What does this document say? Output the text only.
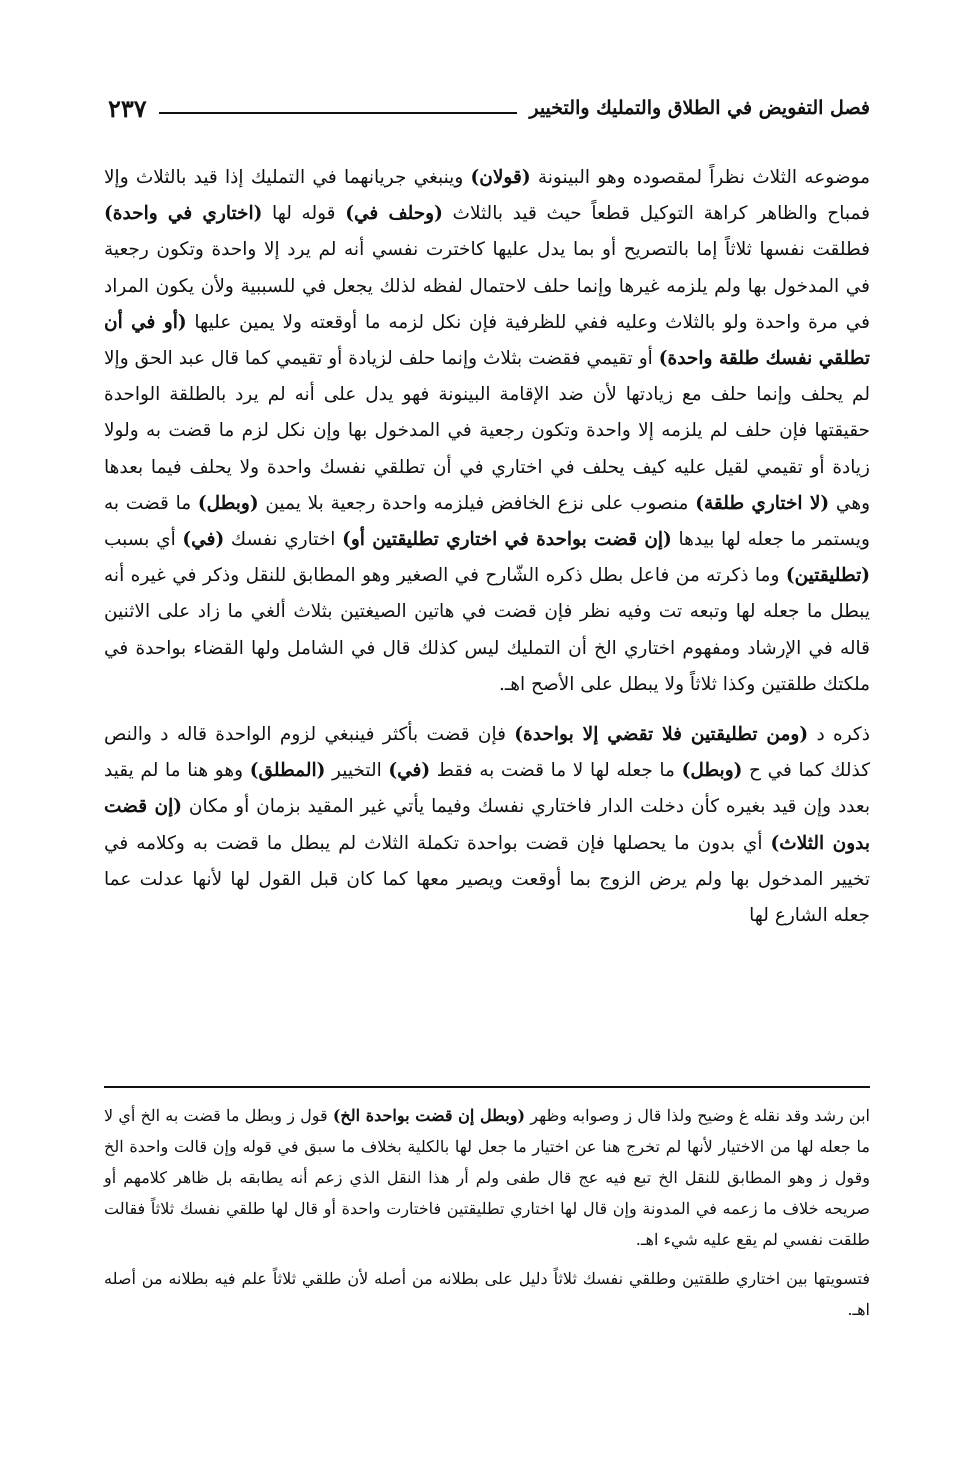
فصل التفويض في الطلاق والتمليك والتخيير
٢٣٧

موضوعه الثلاث نظراً لمقصوده وهو البينونة (قولان) وينبغي جريانهما في التمليك إذا قيد بالثلاث وإلا فمباح والظاهر كراهة التوكيل قطعاً حيث قيد بالثلاث (وحلف في) قوله لها (اختاري في واحدة) فطلقت نفسها ثلاثاً إما بالتصريح أو بما يدل عليها كاخترت نفسي أنه لم يرد إلا واحدة وتكون رجعية في المدخول بها ولم يلزمه غيرها وإنما حلف لاحتمال لفظه لذلك يجعل في للسببية ولأن يكون المراد في مرة واحدة ولو بالثلاث وعليه ففي للظرفية فإن نكل لزمه ما أوقعته ولا يمين عليها (أو في أن تطلقي نفسك طلقة واحدة) أو تقيمي فقضت بثلاث وإنما حلف لزيادة أو تقيمي كما قال عبد الحق وإلا لم يحلف وإنما حلف مع زيادتها لأن ضد الإقامة البينونة فهو يدل على أنه لم يرد بالطلقة الواحدة حقيقتها فإن حلف لم يلزمه إلا واحدة وتكون رجعية في المدخول بها وإن نكل لزم ما قضت به ولولا زيادة أو تقيمي لقيل عليه كيف يحلف في اختاري في أن تطلقي نفسك واحدة ولا يحلف فيما بعدها وهي (لا اختاري طلقة) منصوب على نزع الخافض فيلزمه واحدة رجعية بلا يمين (وبطل) ما قضت به ويستمر ما جعله لها بيدها (إن قضت بواحدة في اختاري تطليقتين أو) اختاري نفسك (في) أي بسبب (تطليقتين) وما ذكرته من فاعل بطل ذكره الشّارح في الصغير وهو المطابق للنقل وذكر في غيره أنه يبطل ما جعله لها وتبعه تت وفيه نظر فإن قضت في هاتين الصيغتين بثلاث ألغي ما زاد على الاثنين قاله في الإرشاد ومفهوم اختاري الخ أن التمليك ليس كذلك قال في الشامل ولها القضاء بواحدة في ملكتك طلقتين وكذا ثلاثاً ولا يبطل على الأصح اهـ.

ذكره د (ومن تطليقتين فلا تقضي إلا بواحدة) فإن قضت بأكثر فينبغي لزوم الواحدة قاله د والنص كذلك كما في ح (وبطل) ما جعله لها لا ما قضت به فقط (في) التخيير (المطلق) وهو هنا ما لم يقيد بعدد وإن قيد بغيره كأن دخلت الدار فاختاري نفسك وفيما يأتي غير المقيد بزمان أو مكان (إن قضت بدون الثلاث) أي بدون ما يحصلها فإن قضت بواحدة تكملة الثلاث لم يبطل ما قضت به وكلامه في تخيير المدخول بها ولم يرض الزوج بما أوقعت ويصير معها كما كان قبل القول لها لأنها عدلت عما جعله الشارع لها

ابن رشد وقد نقله غ وضيح ولذا قال ز وصوابه وظهر (وبطل إن قضت بواحدة الخ) قول ز وبطل ما قضت به الخ أي لا ما جعله لها من الاختيار لأنها لم تخرج هنا عن اختيار ما جعل لها بالكلية بخلاف ما سبق في قوله وإن قالت واحدة الخ وقول ز وهو المطابق للنقل الخ تبع فيه عج قال طفى ولم أر هذا النقل الذي زعم أنه يطابقه بل ظاهر كلامهم أو صريحه خلاف ما زعمه في المدونة وإن قال لها اختاري تطليقتين فاختارت واحدة أو قال لها طلقي نفسك ثلاثاً فقالت طلقت نفسي لم يقع عليه شيء اهـ.

فتسويتها بين اختاري طلقتين وطلقي نفسك ثلاثاً دليل على بطلانه من أصله لأن طلقي ثلاثاً علم فيه بطلانه من أصله اهـ.
